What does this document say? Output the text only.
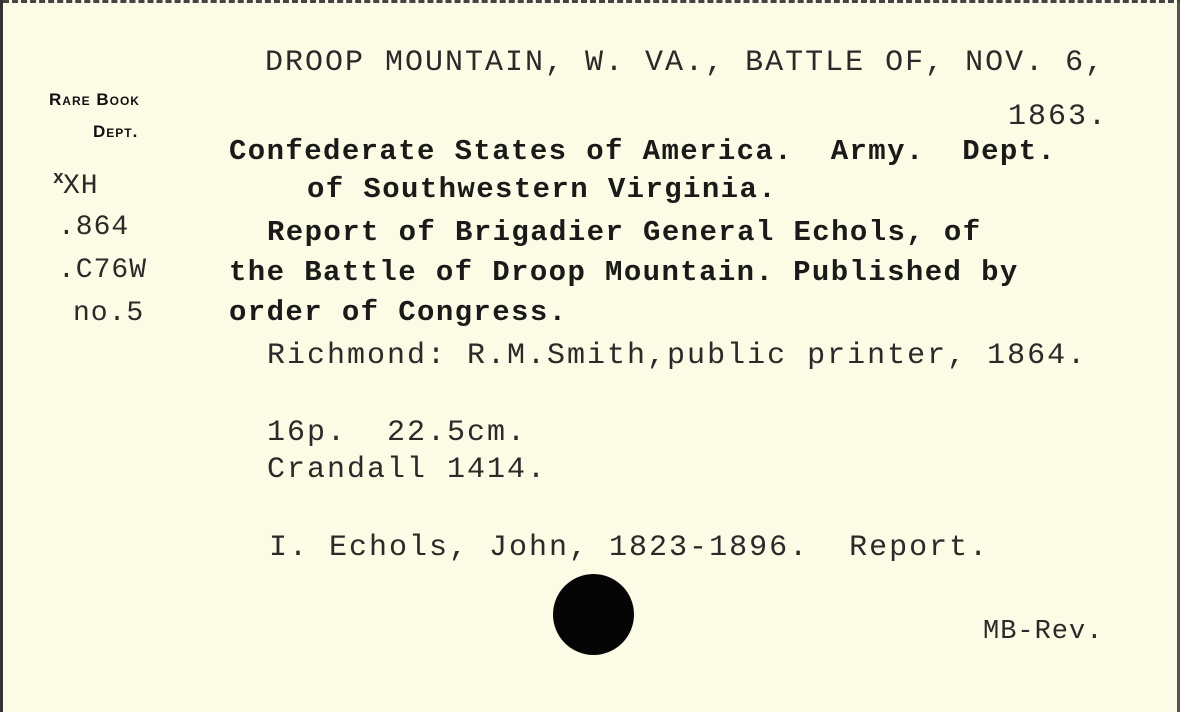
Rare Book
Dept.
x
XH
.864
.C76W
no.5
DROOP MOUNTAIN, W. VA., BATTLE OF, NOV. 6,
1863.
Confederate States of America.  Army.  Dept.
of Southwestern Virginia.
Report of Brigadier General Echols, of
the Battle of Droop Mountain. Published by
order of Congress.
Richmond: R.M.Smith,public printer, 1864.
16p.  22.5cm.
Crandall 1414.
I. Echols, John, 1823-1896.  Report.
MB-Rev.
